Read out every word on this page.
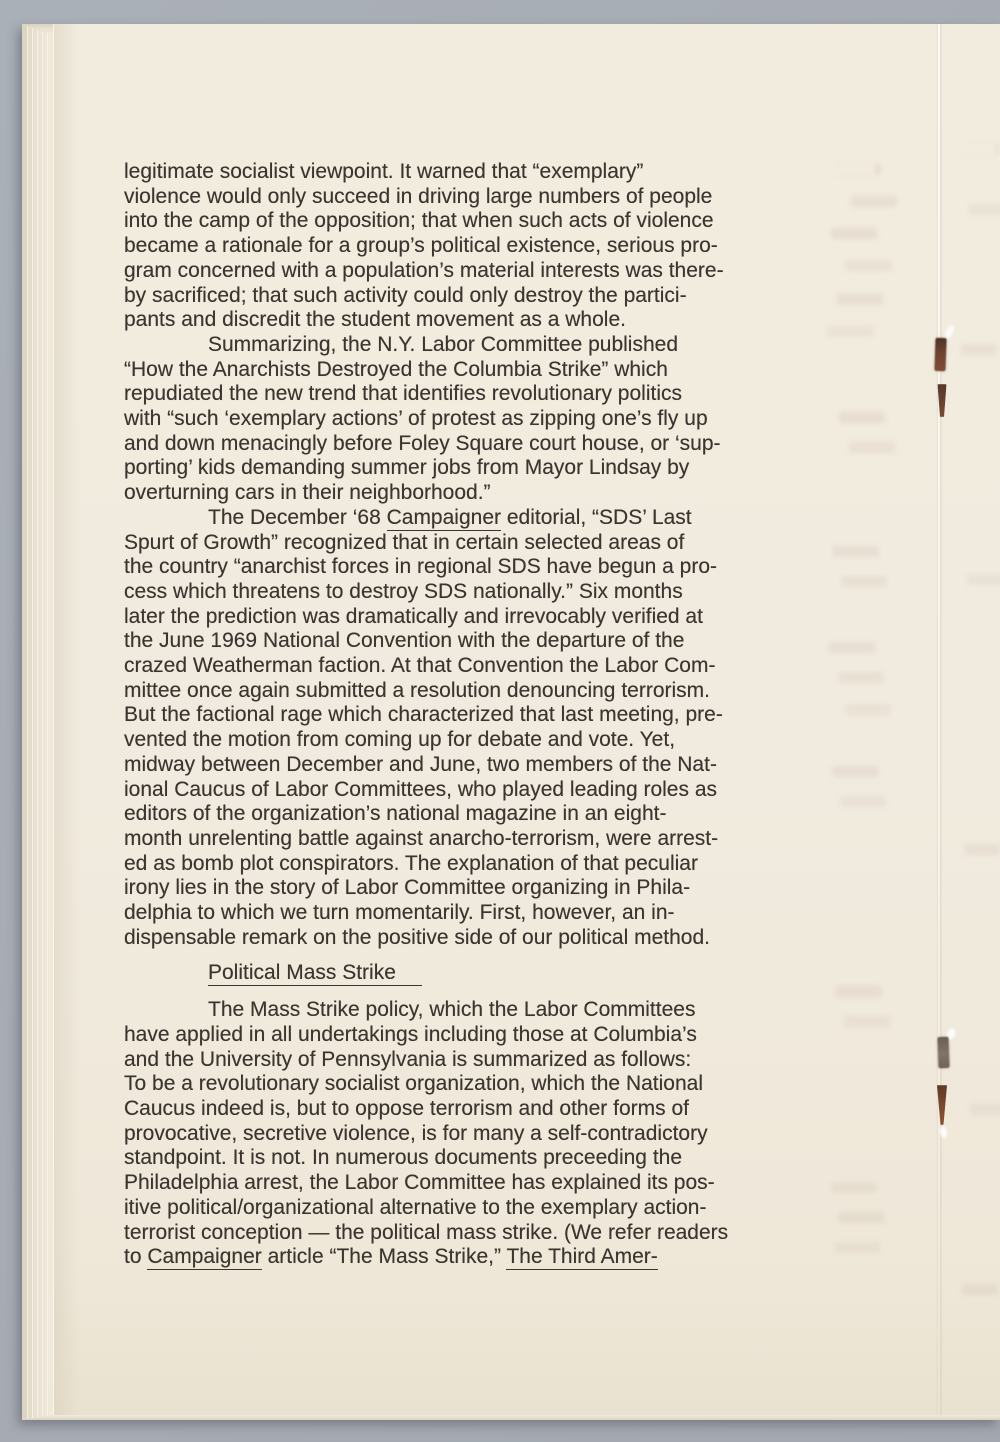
legitimate socialist viewpoint. It warned that “exemplary”
violence would only succeed in driving large numbers of people
into the camp of the opposition; that when such acts of violence
became a rationale for a group’s political existence, serious pro-
gram concerned with a population’s material interests was there-
by sacrificed; that such activity could only destroy the partici-
pants and discredit the student movement as a whole.
Summarizing, the N.Y. Labor Committee published
“How the Anarchists Destroyed the Columbia Strike” which
repudiated the new trend that identifies revolutionary politics
with “such ‘exemplary actions’ of protest as zipping one’s fly up
and down menacingly before Foley Square court house, or ‘sup-
porting’ kids demanding summer jobs from Mayor Lindsay by
overturning cars in their neighborhood.”
The December ‘68 Campaigner editorial, “SDS’ Last
Spurt of Growth” recognized that in certain selected areas of
the country “anarchist forces in regional SDS have begun a pro-
cess which threatens to destroy SDS nationally.” Six months
later the prediction was dramatically and irrevocably verified at
the June 1969 National Convention with the departure of the
crazed Weatherman faction. At that Convention the Labor Com-
mittee once again submitted a resolution denouncing terrorism.
But the factional rage which characterized that last meeting, pre-
vented the motion from coming up for debate and vote. Yet,
midway between December and June, two members of the Nat-
ional Caucus of Labor Committees, who played leading roles as
editors of the organization’s national magazine in an eight-
month unrelenting battle against anarcho-terrorism, were arrest-
ed as bomb plot conspirators. The explanation of that peculiar
irony lies in the story of Labor Committee organizing in Phila-
delphia to which we turn momentarily. First, however, an in-
dispensable remark on the positive side of our political method.
Political Mass Strike
The Mass Strike policy, which the Labor Committees
have applied in all undertakings including those at Columbia’s
and the University of Pennsylvania is summarized as follows:
To be a revolutionary socialist organization, which the National
Caucus indeed is, but to oppose terrorism and other forms of
provocative, secretive violence, is for many a self-contradictory
standpoint. It is not. In numerous documents preceeding the
Philadelphia arrest, the Labor Committee has explained its pos-
itive political/organizational alternative to the exemplary action-
terrorist conception — the political mass strike. (We refer readers
to Campaigner article “The Mass Strike,” The Third Amer-
